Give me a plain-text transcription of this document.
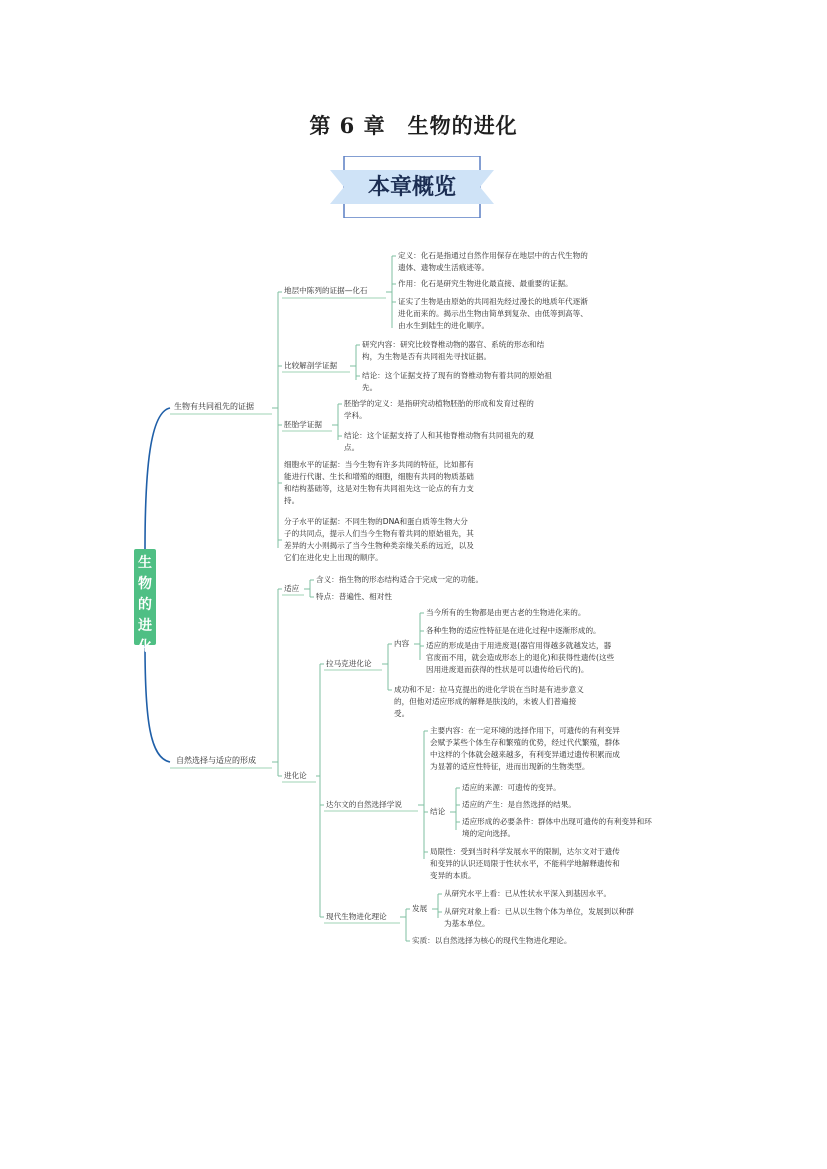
第 6 章　生物的进化
本章概览
生
物
的
进
化
生物有共同祖先的证据
地层中陈列的证据—化石
定义：化石是指通过自然作用保存在地层中的古代生物的
遗体、遗物或生活痕迹等。
作用：化石是研究生物进化最直接、最重要的证据。
证实了生物是由原始的共同祖先经过漫长的地质年代逐渐
进化而来的。揭示出生物由简单到复杂、由低等到高等、
由水生到陆生的进化顺序。
比较解剖学证据
研究内容：研究比较脊椎动物的器官、系统的形态和结
构，为生物是否有共同祖先寻找证据。
结论：这个证据支持了现有的脊椎动物有着共同的原始祖
先。
胚胎学证据
胚胎学的定义：是指研究动植物胚胎的形成和发育过程的
学科。
结论：这个证据支持了人和其他脊椎动物有共同祖先的观
点。
细胞水平的证据：当今生物有许多共同的特征，比如都有
能进行代谢、生长和增殖的细胞，细胞有共同的物质基础
和结构基础等，这是对生物有共同祖先这一论点的有力支
持。
分子水平的证据：不同生物的DNA和蛋白质等生物大分
子的共同点，提示人们当今生物有着共同的原始祖先，其
差异的大小则揭示了当今生物种类亲缘关系的远近，以及
它们在进化史上出现的顺序。
自然选择与适应的形成
适应
含义：指生物的形态结构适合于完成一定的功能。
特点：普遍性、相对性
进化论
拉马克进化论
内容
当今所有的生物都是由更古老的生物进化来的。
各种生物的适应性特征是在进化过程中逐渐形成的。
适应的形成是由于用进废退(器官用得越多就越发达，器
官废而不用，就会造成形态上的退化)和获得性遗传(这些
因用进废退而获得的性状是可以遗传给后代的)。
成功和不足：拉马克提出的进化学说在当时是有进步意义
的，但他对适应形成的解释是肤浅的，未被人们普遍接
受。
达尔文的自然选择学说
主要内容：在一定环境的选择作用下，可遗传的有利变异
会赋予某些个体生存和繁殖的优势，经过代代繁殖，群体
中这样的个体就会越来越多，有利变异通过遗传积累而成
为显著的适应性特征，进而出现新的生物类型。
结论
适应的来源：可遗传的变异。
适应的产生：是自然选择的结果。
适应形成的必要条件：群体中出现可遗传的有利变异和环
境的定向选择。
局限性：受到当时科学发展水平的限制，达尔文对于遗传
和变异的认识还局限于性状水平，不能科学地解释遗传和
变异的本质。
现代生物进化理论
发展
从研究水平上看：已从性状水平深入到基因水平。
从研究对象上看：已从以生物个体为单位，发展到以种群
为基本单位。
实质：以自然选择为核心的现代生物进化理论。
